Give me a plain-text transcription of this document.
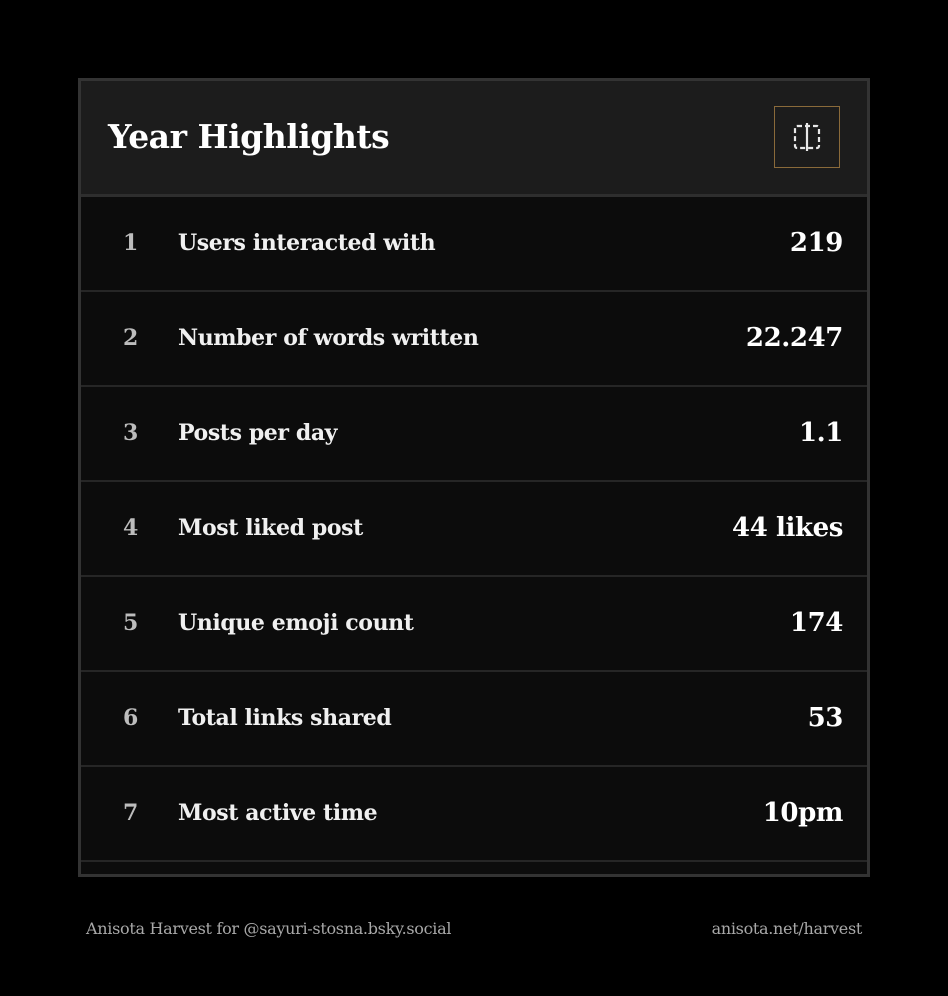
Year Highlights
1 Users interacted with	219
2 Number of words written	22.247
3 Posts per day	1.1
4 Most liked post	44 likes
5 Unique emoji count	174
6 Total links shared	53
7 Most active time	10pm
Anisota Harvest for @sayuri-stosna.bsky.social	anisota.net/harvest
